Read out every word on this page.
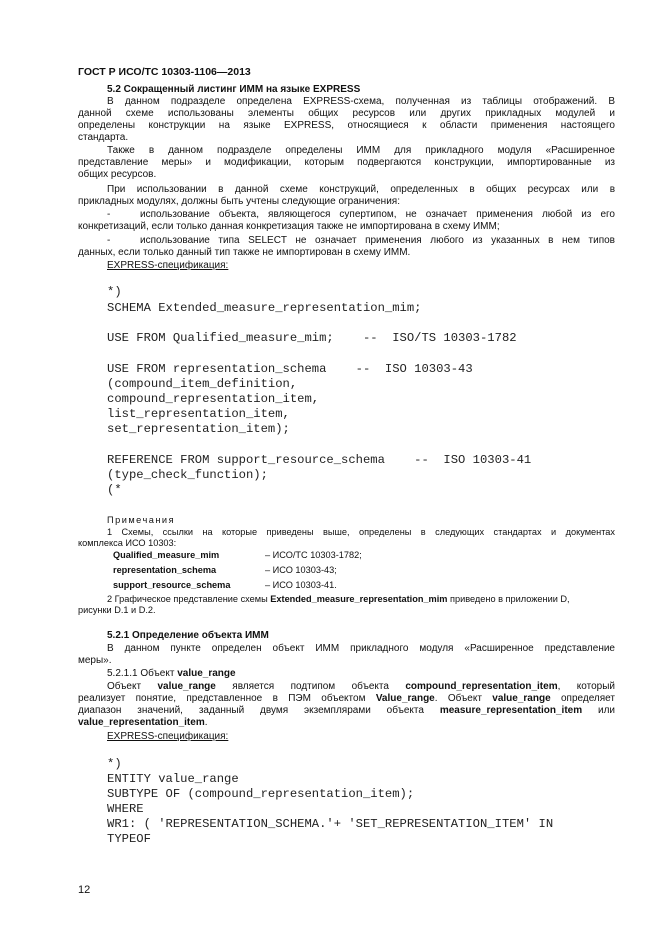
ГОСТ Р ИСО/ТС 10303-1106—2013
5.2 Сокращенный листинг ИММ на языке EXPRESS
В данном подразделе определена EXPRESS-схема, полученная из таблицы отображений. В
данной схеме использованы элементы общих ресурсов или других прикладных модулей и
определены конструкции на языке EXPRESS, относящиеся к области применения настоящего
стандарта.
Также в данном подразделе определены ИММ для прикладного модуля «Расширенное
представление меры» и модификации, которым подвергаются конструкции, импортированные из
общих ресурсов.
При использовании в данной схеме конструкций, определенных в общих ресурсах или в
прикладных модулях, должны быть учтены следующие ограничения:
-	использование объекта, являющегося супертипом, не означает применения любой из его
конкретизаций, если только данная конкретизация также не импортирована в схему ИММ;
-	использование типа SELECT не означает применения любого из указанных в нем типов
данных, если только данный тип также не импортирован в схему ИММ.
EXPRESS-спецификация:
*)
SCHEMA Extended_measure_representation_mim;
USE FROM Qualified_measure_mim;    --  ISO/TS 10303-1782
USE FROM representation_schema    --  ISO 10303-43
(compound_item_definition,
compound_representation_item,
list_representation_item,
set_representation_item);
REFERENCE FROM support_resource_schema    --  ISO 10303-41
(type_check_function);
(*
Примечания
1 Схемы, ссылки на которые приведены выше, определены в следующих стандартах и документах
комплекса ИСО 10303:
Qualified_measure_mim	– ИСО/ТС 10303-1782;
representation_schema	– ИСО 10303-43;
support_resource_schema	– ИСО 10303-41.
2 Графическое представление схемы Extended_measure_representation_mim приведено в приложении D,
рисунки D.1 и D.2.
5.2.1 Определение объекта ИММ
В данном пункте определен объект ИММ прикладного модуля «Расширенное представление
меры».
5.2.1.1 Объект value_range
Объект value_range является подтипом объекта compound_representation_item, который
реализует понятие, представленное в ПЭМ объектом Value_range. Объект value_range определяет
диапазон значений, заданный двумя экземплярами объекта measure_representation_item или
value_representation_item.
EXPRESS-спецификация:
*)
ENTITY value_range
SUBTYPE OF (compound_representation_item);
WHERE
WR1: ( 'REPRESENTATION_SCHEMA.'+ 'SET_REPRESENTATION_ITEM' IN
TYPEOF
12
